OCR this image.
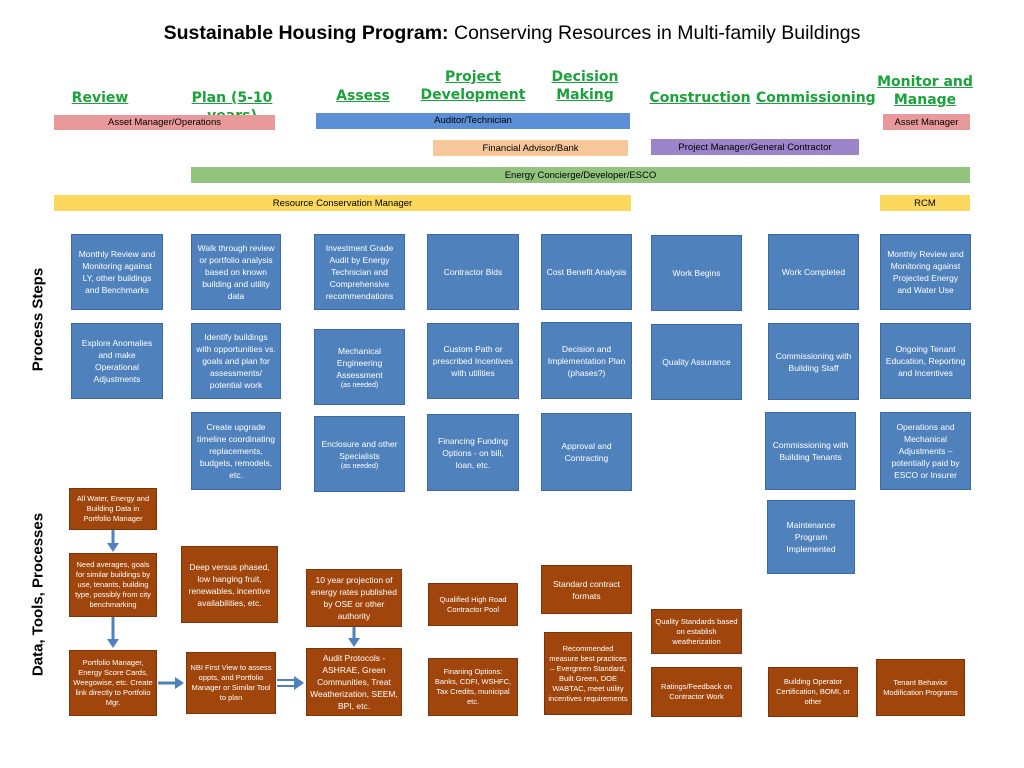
Sustainable Housing Program: Conserving Resources in Multi-family Buildings
Review	Plan (5-10	Assess
Project Development
Decision Making	Construction Commissioning
Monitor and Manage
Asset Manager/Operations	Auditor/Technician	Asset Manager
Financial Advisor/Bank	Project Manager/General Contractor
Energy Concierge/Developer/ESCO
Resource Conservation Manager	RCM
Process Steps
Data, Tools, Processes
Monthly Review and Monitoring against LY, other buildings and Benchmarks
Explore Anomalies and make Operational Adjustments
Walk through review or portfolio analysis based on known building and utility data
Identify buildings with opportunities vs. goals and plan for assessments/ potential work
Create upgrade timeline coordinating replacements, budgets, remodels, etc.
Investment Grade Audit by Energy Technician and Comprehensive recommendations
Mechanical Engineering Assessment
(as needed)
Enclosure and other Specialists
(as needed)
Contractor Bids
Custom Path or prescribed Incentives with utilities
Financing Funding Options - on bill, loan, etc.
Cost Benefit Analysis
Decision and Implementation Plan (phases?)
Approval and Contracting
Work Begins
Quality Assurance
Work Completed
Commissioning with Building Staff
Commissioning with Building Tenants
Maintenance Program Implemented
Monthly Review and Monitoring against Projected Energy and Water Use
Ongoing Tenant Education, Reporting and Incentives
Operations and Mechanical Adjustments – potentially paid by ESCO or Insurer
All Water, Energy and Building Data in Portfolio Manager
Need averages, goals for similar buildings by use, tenants, building type, possibly from city benchmarking
Portfolio Manager, Energy Score Cards, Weegowise, etc. Create link directly to Portfolio Mgr.
Deep versus phased, low hanging fruit, renewables, incentive availabilities, etc.
NBI First View to assess oppts, and Portfolio Manager or Similar Tool to plan
10 year projection of energy rates published by OSE or other authority
Audit Protocols - ASHRAE, Green Communities, Treat Weatherization, SEEM, BPI, etc.
Qualified High Road Contractor Pool
Finaning Options: Banks, CDFI, WSHFC, Tax Credits, municipal etc.
Standard contract formats
Recommended measure best practices – Evergreen Standard, Built Green, DOE WABTAC, meet utility incentives requirements
Quality Standards based on establish weatherization
Ratings/Feedback on Contractor Work
Building Operator Certification, BOMI, or other
Tenant Behavior Modification Programs
